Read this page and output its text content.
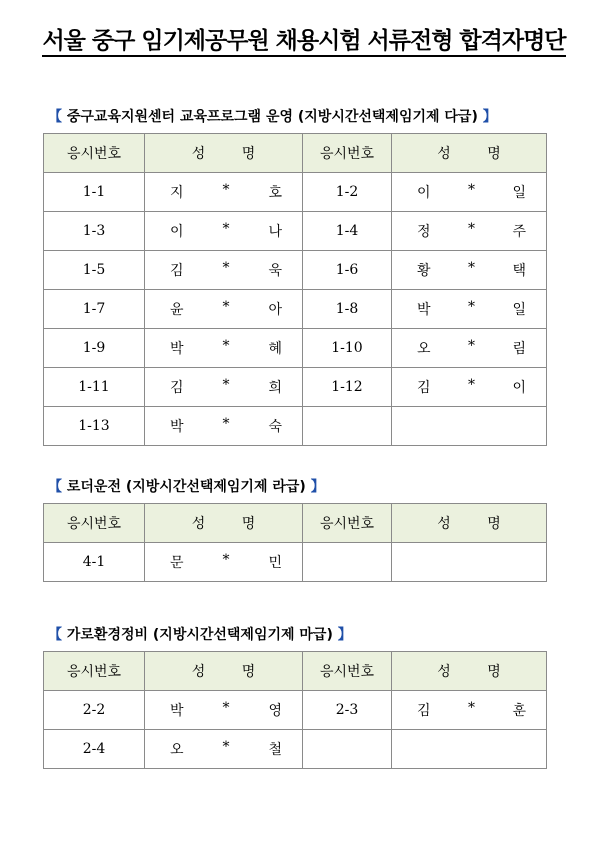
서울 중구 임기제공무원 채용시험 서류전형 합격자명단
【 중구교육지원센터 교육프로그램 운영 (지방시간선택제임기제 다급) 】
응시번호	성 명	응시번호	성 명
1-1	지 * 호	1-2	이 * 일

1-3	이 * 나	1-4	정 * 주

1-5	김 * 욱	1-6	황 * 택

1-7	윤 * 아	1-8	박 * 일

1-9	박 * 혜	1-10	오 * 림

1-11	김 * 희	1-12	김 * 이

1-13	박 * 숙		

【 로더운전 (지방시간선택제임기제 라급) 】
응시번호	성 명	응시번호	성 명
4-1	문 * 민		

【 가로환경정비 (지방시간선택제임기제 마급) 】
응시번호	성 명	응시번호	성 명
2-2	박 * 영	2-3	김 * 훈

2-4	오 * 철		
